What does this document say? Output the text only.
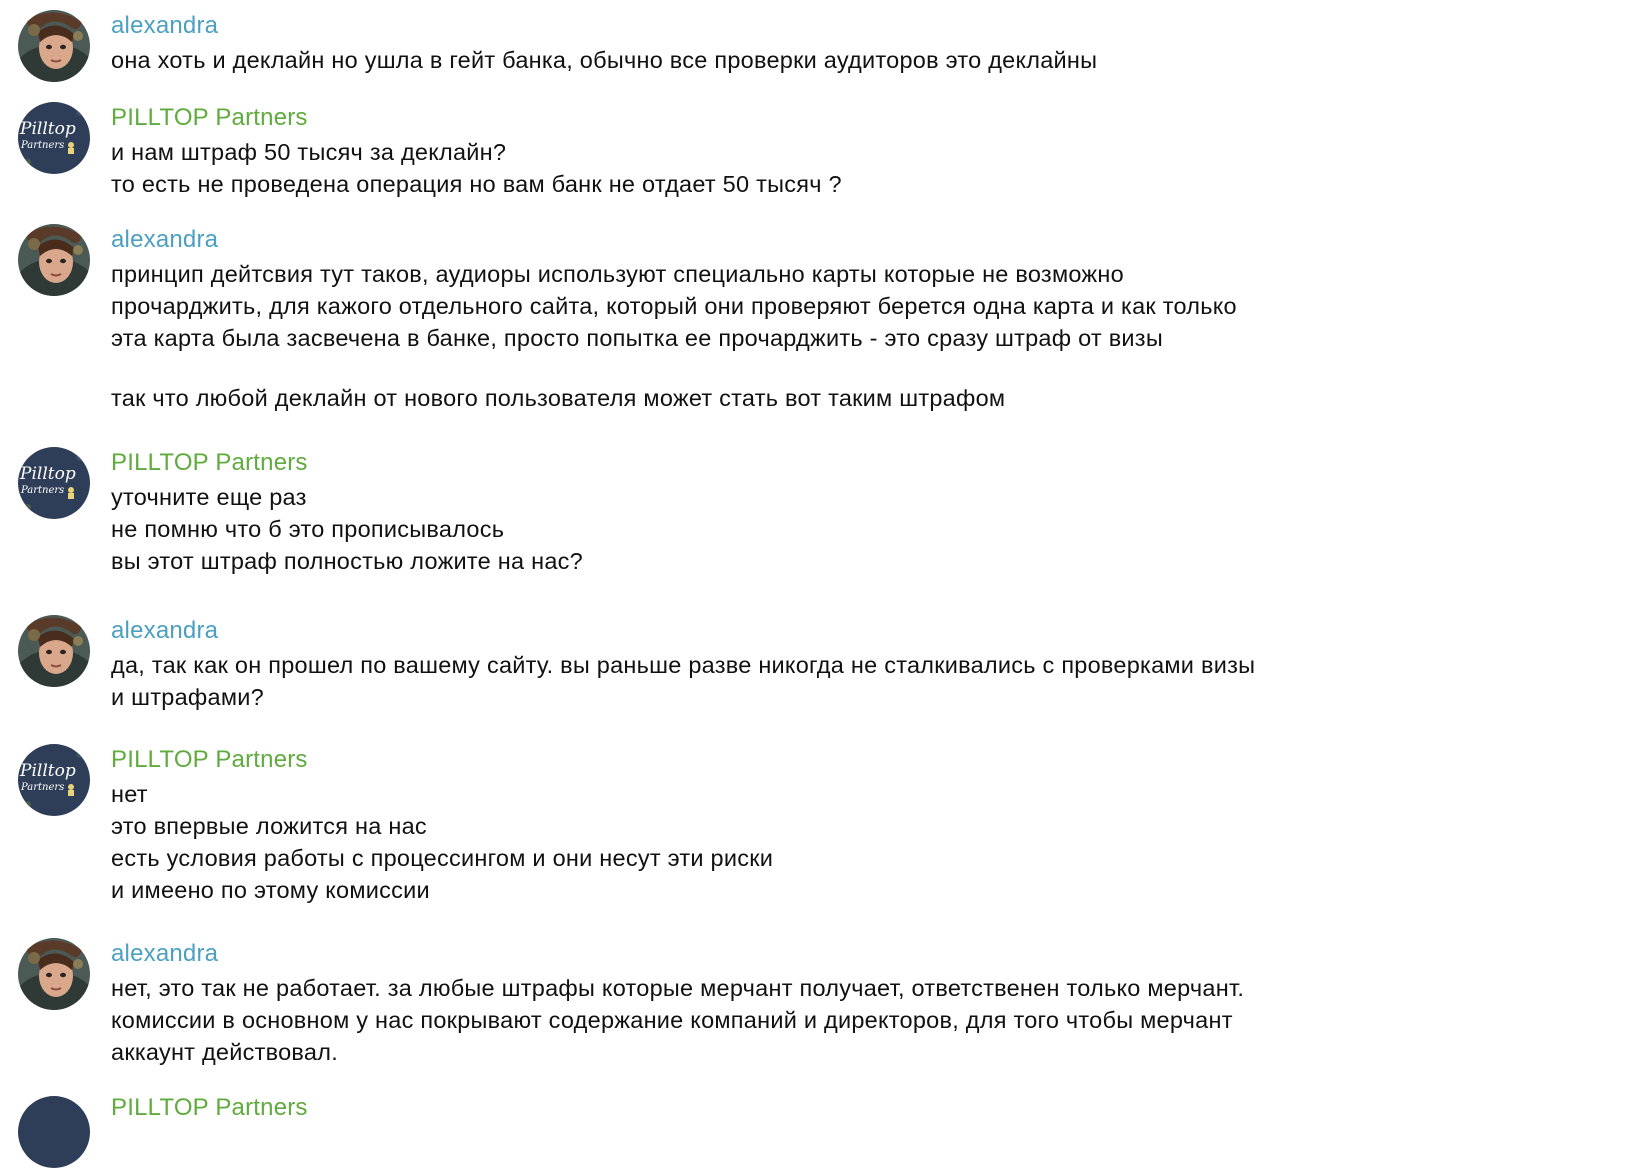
alexandra

она хоть и деклайн но ушла в гейт банка, обычно все проверки аудиторов это деклайны

Pilltop
Partners
PILLTOP Partners

и нам штраф 50 тысяч за деклайн?

то есть не проведена операция но вам банк не отдает 50 тысяч ?

alexandra

принцип дейтсвия тут таков, аудиоры используют специально карты которые не возможно

прочарджить, для кажого отдельного сайта, который они проверяют берется одна карта и как только

эта карта была засвечена в банке, просто попытка ее прочарджить - это сразу штраф от визы

так что любой деклайн от нового пользователя может стать вот таким штрафом

Pilltop
Partners
PILLTOP Partners

уточните еще раз

не помню что б это прописывалось

вы этот штраф полностью ложите на нас?

alexandra

да, так как он прошел по вашему сайту. вы раньше разве никогда не сталкивались с проверками визы

и штрафами?

Pilltop
Partners
PILLTOP Partners

нет

это впервые ложится на нас

есть условия работы с процессингом и они несут эти риски

и имеено по этому комиссии

alexandra

нет, это так не работает. за любые штрафы которые мерчант получает, ответственен только мерчант.

комиссии в основном у нас покрывают содержание компаний и директоров, для того чтобы мерчант

аккаунт действовал.

PILLTOP Partners
